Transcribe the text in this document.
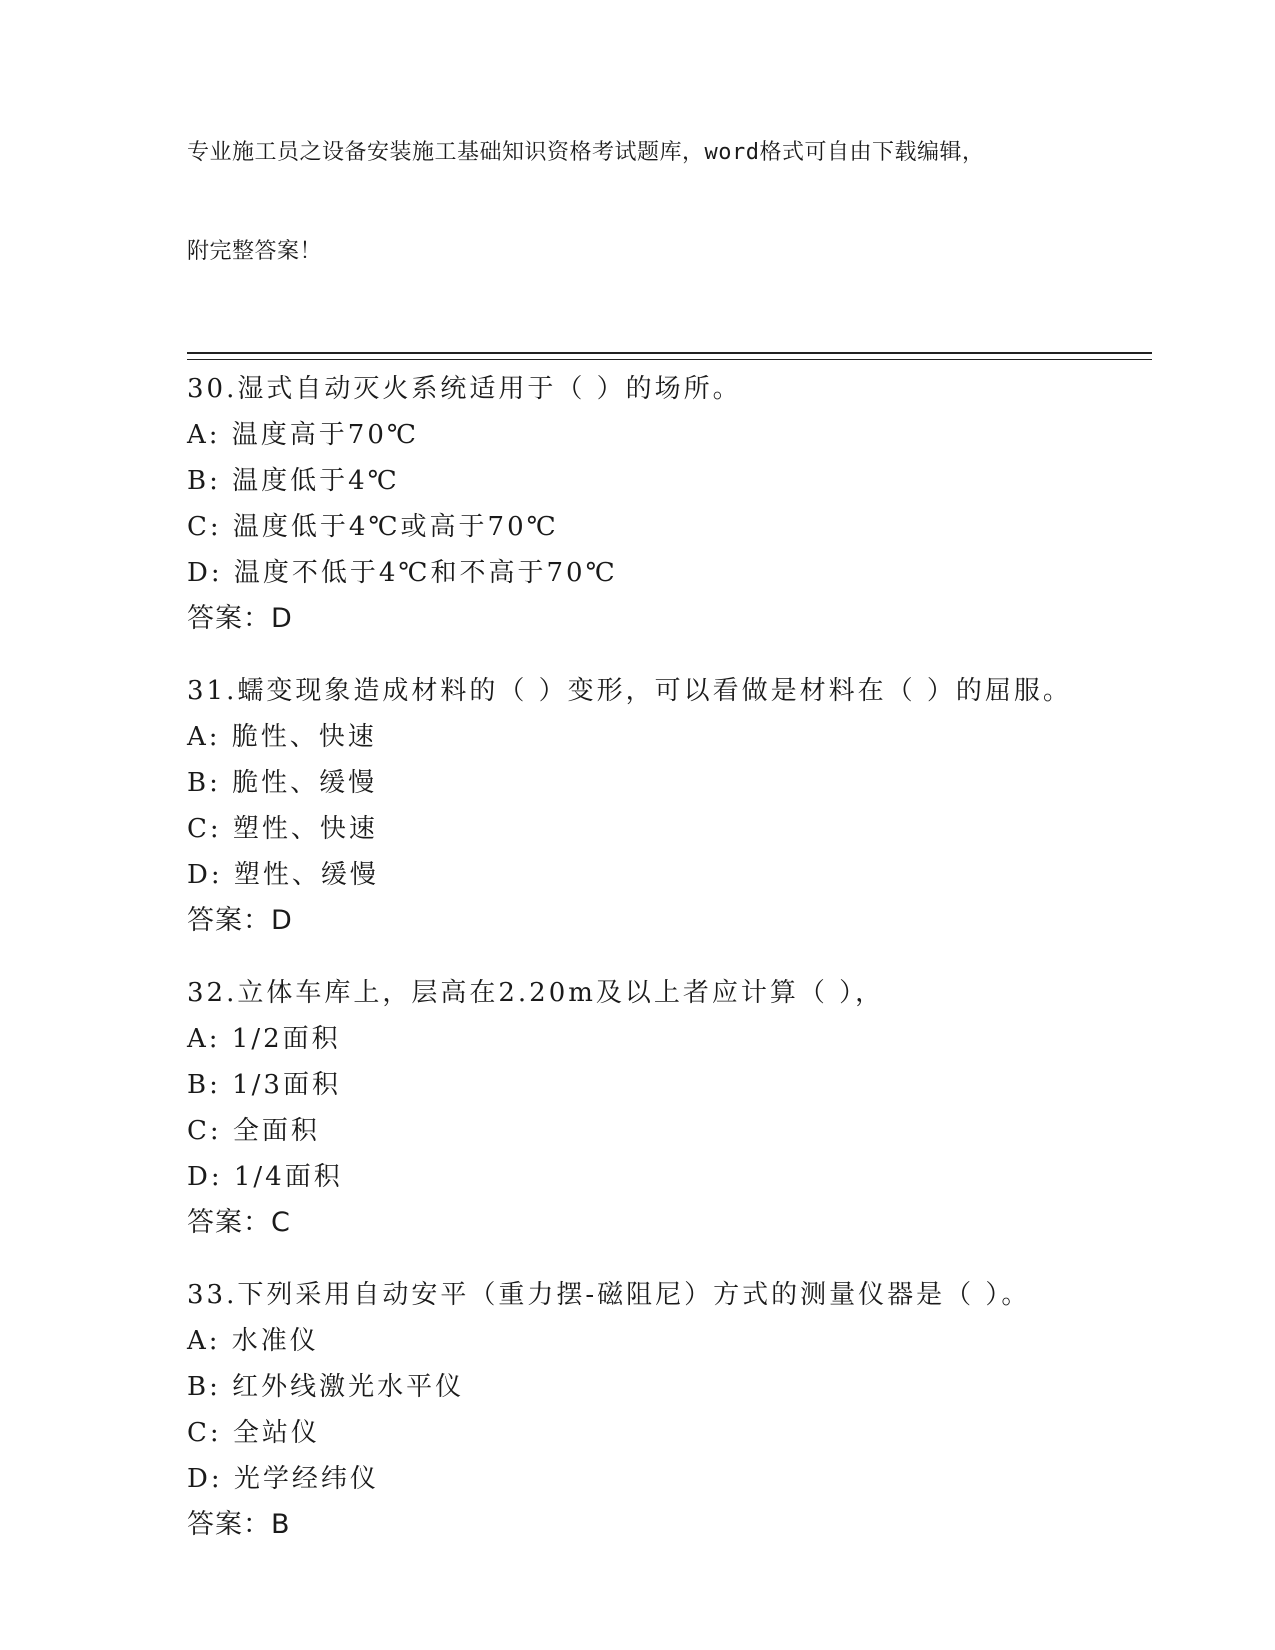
专业施工员之设备安装施工基础知识资格考试题库，word格式可自由下载编辑，

附完整答案！

30.湿式自动灭火系统适用于（ ）的场所。
A: 温度高于70℃
B: 温度低于4℃
C: 温度低于4℃或高于70℃
D: 温度不低于4℃和不高于70℃
答案：D
31.蠕变现象造成材料的（ ）变形，可以看做是材料在（ ）的屈服。
A: 脆性、快速
B: 脆性、缓慢
C: 塑性、快速
D: 塑性、缓慢
答案：D
32.立体车库上，层高在2.20m及以上者应计算（ ），
A: 1/2面积
B: 1/3面积
C: 全面积
D: 1/4面积
答案：C
33.下列采用自动安平（重力摆-磁阻尼）方式的测量仪器是（ ）。
A: 水准仪
B: 红外线激光水平仪
C: 全站仪
D: 光学经纬仪
答案：B
